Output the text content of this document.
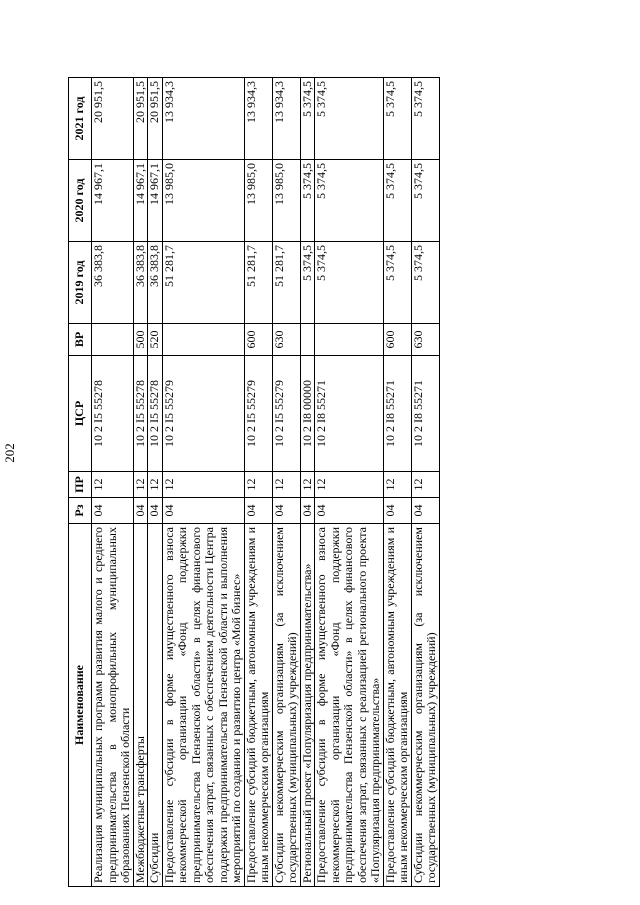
202
Наименование	Рз	ПР	ЦСР	ВР	2019 год	2020 год	2021 год
Реализация муниципальных программ развития малого и среднего предпринимательства в монопрофильных муниципальных образованиях Пензенской области	04	12	10 2 I5 55278		36 383,8	14 967,1	20 951,5
Межбюджетные трансферты	04	12	10 2 I5 55278	500	36 383,8	14 967,1	20 951,5
Субсидии	04	12	10 2 I5 55278	520	36 383,8	14 967,1	20 951,5
Предоставление субсидии в форме имущественного взноса некоммерческой организации «Фонд поддержки предпринимательства Пензенской области» в целях финансового обеспечения затрат, связанных с обеспечением деятельности Центра поддержки предпринимательства Пензенской области и выполнения мероприятий по созданию и развитию центра «Мой бизнес»	04	12	10 2 I5 55279		51 281,7	13 985,0	13 934,3
Предоставление субсидий бюджетным, автономным учреждениям и иным некоммерческим организациям	04	12	10 2 I5 55279	600	51 281,7	13 985,0	13 934,3
Субсидии некоммерческим организациям (за исключением государственных (муниципальных) учреждений)	04	12	10 2 I5 55279	630	51 281,7	13 985,0	13 934,3
Региональный проект «Популяризация предпринимательства»	04	12	10 2 I8 00000		5 374,5	5 374,5	5 374,5
Предоставление субсидии в форме имущественного взноса некоммерческой организации «Фонд поддержки предпринимательства Пензенской области» в целях финансового обеспечения затрат, связанных с реализацией регионального проекта «Популяризация предпринимательства»	04	12	10 2 I8 55271		5 374,5	5 374,5	5 374,5
Предоставление субсидий бюджетным, автономным учреждениям и иным некоммерческим организациям	04	12	10 2 I8 55271	600	5 374,5	5 374,5	5 374,5
Субсидии некоммерческим организациям (за исключением государственных (муниципальных) учреждений)	04	12	10 2 I8 55271	630	5 374,5	5 374,5	5 374,5
